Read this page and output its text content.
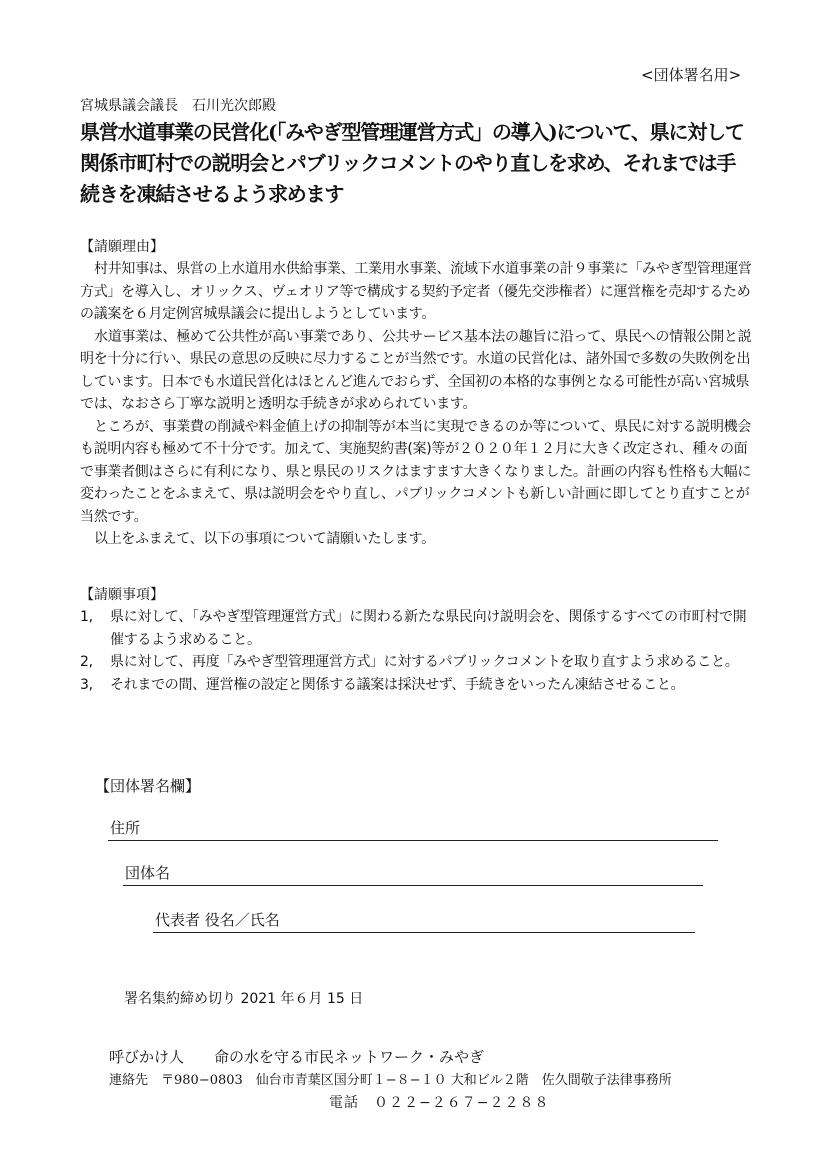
<団体署名用>
宮城県議会議長　石川光次郎殿
県営水道事業の民営化(「みやぎ型管理運営方式」の導入)について、県に対して関係市町村での説明会とパブリックコメントのやり直しを求め、それまでは手続きを凍結させるよう求めます
【請願理由】

村井知事は、県営の上水道用水供給事業、工業用水事業、流域下水道事業の計９事業に「みやぎ型管理運営方式」を導入し、オリックス、ヴェオリア等で構成する契約予定者（優先交渉権者）に運営権を売却するための議案を６月定例宮城県議会に提出しようとしています。

水道事業は、極めて公共性が高い事業であり、公共サービス基本法の趣旨に沿って、県民への情報公開と説明を十分に行い、県民の意思の反映に尽力することが当然です。水道の民営化は、諸外国で多数の失敗例を出しています。日本でも水道民営化はほとんど進んでおらず、全国初の本格的な事例となる可能性が高い宮城県では、なおさら丁寧な説明と透明な手続きが求められています。

ところが、事業費の削減や料金値上げの抑制等が本当に実現できるのか等について、県民に対する説明機会も説明内容も極めて不十分です。加えて、実施契約書(案)等が２０２０年１２月に大きく改定され、種々の面で事業者側はさらに有利になり、県と県民のリスクはますます大きくなりました。計画の内容も性格も大幅に変わったことをふまえて、県は説明会をやり直し、パブリックコメントも新しい計画に即してとり直すことが当然です。

以上をふまえて、以下の事項について請願いたします。

【請願事項】
1, 県に対して、「みやぎ型管理運営方式」に関わる新たな県民向け説明会を、関係するすべての市町村で開催するよう求めること。
2, 県に対して、再度「みやぎ型管理運営方式」に対するパブリックコメントを取り直すよう求めること。
3, それまでの間、運営権の設定と関係する議案は採決せず、手続きをいったん凍結させること。
【団体署名欄】
住所
団体名
代表者 役名／氏名
署名集約締め切り 2021 年６月 15 日
呼びかけ人　　命の水を守る市民ネットワーク・みやぎ
連絡先　〒980−0803　仙台市青葉区国分町１−８−１０ 大和ビル２階　佐久間敬子法律事務所
電話　０２２−２６７−２２８８
